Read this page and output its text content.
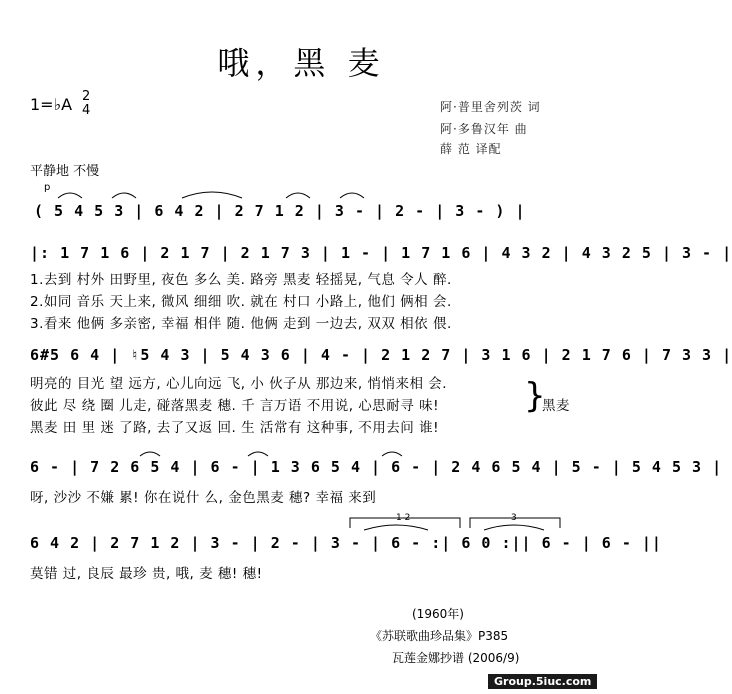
哦，黑 麦
1=♭A 2
4	阿·普里舍列茨 词
阿·多鲁汉年 曲
薛 范 译配
平静地 不慢
p
( 5 4 5 3 | 6 4 2 | 2 7 1 2 | 3 - | 2 - | 3 - ) |
|: 1 7 1 6 | 2 1 7 | 2 1 7 3 | 1 - | 1 7 1 6 | 4 3 2 | 4 3 2 5 | 3 - |
1.去到 村外 田野里, 夜色 多么 美. 路旁 黑麦 轻摇晃, 气息 令人 醉.
2.如同 音乐 天上来, 微风 细细 吹. 就在 村口 小路上, 他们 俩相 会.
3.看来 他俩 多亲密, 幸福 相伴 随. 他俩 走到 一边去, 双双 相依 偎.
6#5 6 4 | ♮5 4 3 | 5 4 3 6 | 4 - | 2 1 2 7 | 3 1 6 | 2 1 7 6 | 7 3 3 |
明亮的 目光 望 远方, 心儿向远 飞, 小 伙子从 那边来, 悄悄来相 会.
彼此 尽 绕 圈 儿走, 碰落黑麦 穗. 千 言万语 不用说, 心思耐寻 味!
黑麦 田 里 迷 了路, 去了又返 回. 生 活常有 这种事, 不用去问 谁!
}
黑麦
6 - | 7 2 6 5 4 | 6 - | 1 3 6 5 4 | 6 - | 2 4 6 5 4 | 5 - | 5 4 5 3 |
呀, 沙沙 不嫌 累! 你在说什 么, 金色黑麦 穗? 幸福 来到
1 2	3
6 4 2 | 2 7 1 2 | 3 - | 2 - | 3 - | 6 - :| 6 0 :|| 6 - | 6 - ||
莫错 过, 良辰 最珍 贵, 哦, 麦 穗! 穗!
(1960年)
《苏联歌曲珍品集》P385
瓦莲金娜抄谱 (2006/9)
Group.5iuc.com
